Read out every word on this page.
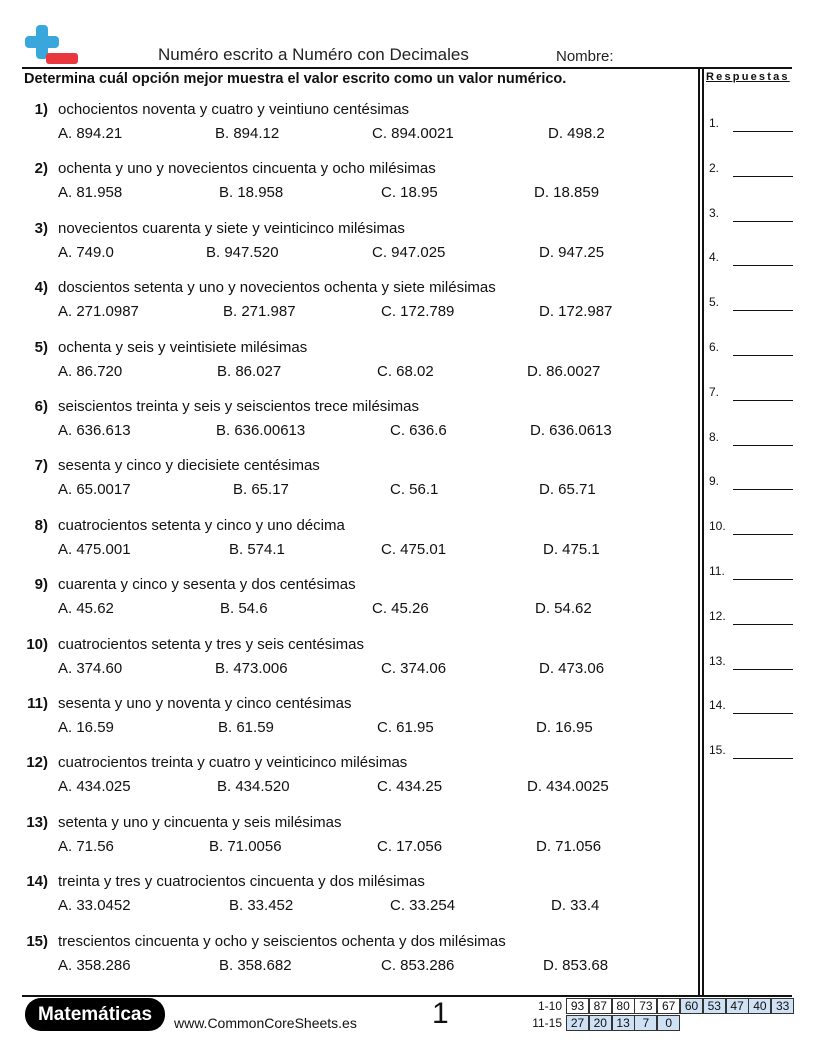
Numéro escrito a Numéro con Decimales	Nombre:
Determina cuál opción mejor muestra el valor escrito como un valor numérico.	Respuestas
1) ochocientos noventa y cuatro y veintiuno centésimas
A. 894.21	B. 894.12	C. 894.0021	D. 498.2
2) ochenta y uno y novecientos cincuenta y ocho milésimas
A. 81.958	B. 18.958	C. 18.95	D. 18.859
3) novecientos cuarenta y siete y veinticinco milésimas
A. 749.0	B. 947.520	C. 947.025	D. 947.25
4) doscientos setenta y uno y novecientos ochenta y siete milésimas
A. 271.0987	B. 271.987	C. 172.789	D. 172.987
5) ochenta y seis y veintisiete milésimas
A. 86.720	B. 86.027	C. 68.02	D. 86.0027
6) seiscientos treinta y seis y seiscientos trece milésimas
A. 636.613	B. 636.00613	C. 636.6	D. 636.0613
7) sesenta y cinco y diecisiete centésimas
A. 65.0017	B. 65.17	C. 56.1	D. 65.71
8) cuatrocientos setenta y cinco y uno décima
A. 475.001	B. 574.1	C. 475.01	D. 475.1
9) cuarenta y cinco y sesenta y dos centésimas
A. 45.62	B. 54.6	C. 45.26	D. 54.62
10) cuatrocientos setenta y tres y seis centésimas
A. 374.60	B. 473.006	C. 374.06	D. 473.06
11) sesenta y uno y noventa y cinco centésimas
A. 16.59	B. 61.59	C. 61.95	D. 16.95
12) cuatrocientos treinta y cuatro y veinticinco milésimas
A. 434.025	B. 434.520	C. 434.25	D. 434.0025
13) setenta y uno y cincuenta y seis milésimas
A. 71.56	B. 71.0056	C. 17.056	D. 71.056
14) treinta y tres y cuatrocientos cincuenta y dos milésimas
A. 33.0452	B. 33.452	C. 33.254	D. 33.4
15) trescientos cincuenta y ocho y seiscientos ochenta y dos milésimas
A. 358.286	B. 358.682	C. 853.286	D. 853.68
1.
2.
3.
4.
5.
6.
7.
8.
9.
10.
11.
12.
13.
14.
15.
Matemáticas	www.CommonCoreSheets.es	1	1-10 93 87 80 73 67 60 53 47 40 33
11-15 27 20 13	7	0
